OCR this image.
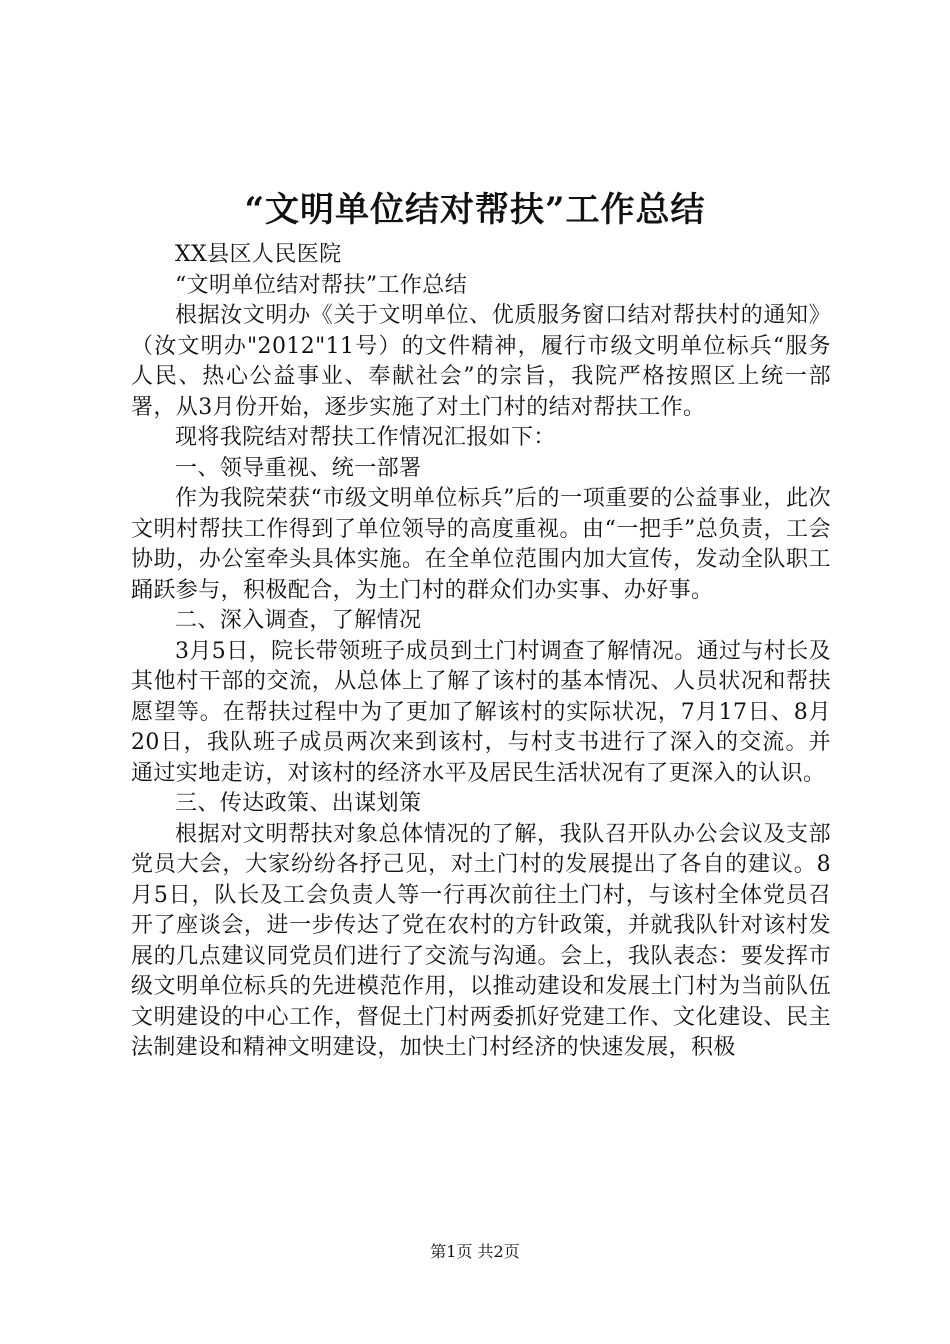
“文明单位结对帮扶”工作总结

XX县区人民医院

“文明单位结对帮扶”工作总结

根据汝文明办《关于文明单位、优质服务窗口结对帮扶村的通知》（汝文明办"2012"11号）的文件精神，履行市级文明单位标兵“服务人民、热心公益事业、奉献社会”的宗旨，我院严格按照区上统一部署，从3月份开始，逐步实施了对土门村的结对帮扶工作。

现将我院结对帮扶工作情况汇报如下：

一、领导重视、统一部署

作为我院荣获“市级文明单位标兵”后的一项重要的公益事业，此次文明村帮扶工作得到了单位领导的高度重视。由“一把手”总负责，工会协助，办公室牵头具体实施。在全单位范围内加大宣传，发动全队职工踊跃参与，积极配合，为土门村的群众们办实事、办好事。

二、深入调查，了解情况

3月5日，院长带领班子成员到土门村调查了解情况。通过与村长及其他村干部的交流，从总体上了解了该村的基本情况、人员状况和帮扶愿望等。在帮扶过程中为了更加了解该村的实际状况，7月17日、8月20日，我队班子成员两次来到该村，与村支书进行了深入的交流。并通过实地走访，对该村的经济水平及居民生活状况有了更深入的认识。

三、传达政策、出谋划策

根据对文明帮扶对象总体情况的了解，我队召开队办公会议及支部党员大会，大家纷纷各抒己见，对土门村的发展提出了各自的建议。8月5日，队长及工会负责人等一行再次前往土门村，与该村全体党员召开了座谈会，进一步传达了党在农村的方针政策，并就我队针对该村发展的几点建议同党员们进行了交流与沟通。会上，我队表态：要发挥市级文明单位标兵的先进模范作用，以推动建设和发展土门村为当前队伍文明建设的中心工作，督促土门村两委抓好党建工作、文化建设、民主法制建设和精神文明建设，加快土门村经济的快速发展，积极

第1页 共2页
